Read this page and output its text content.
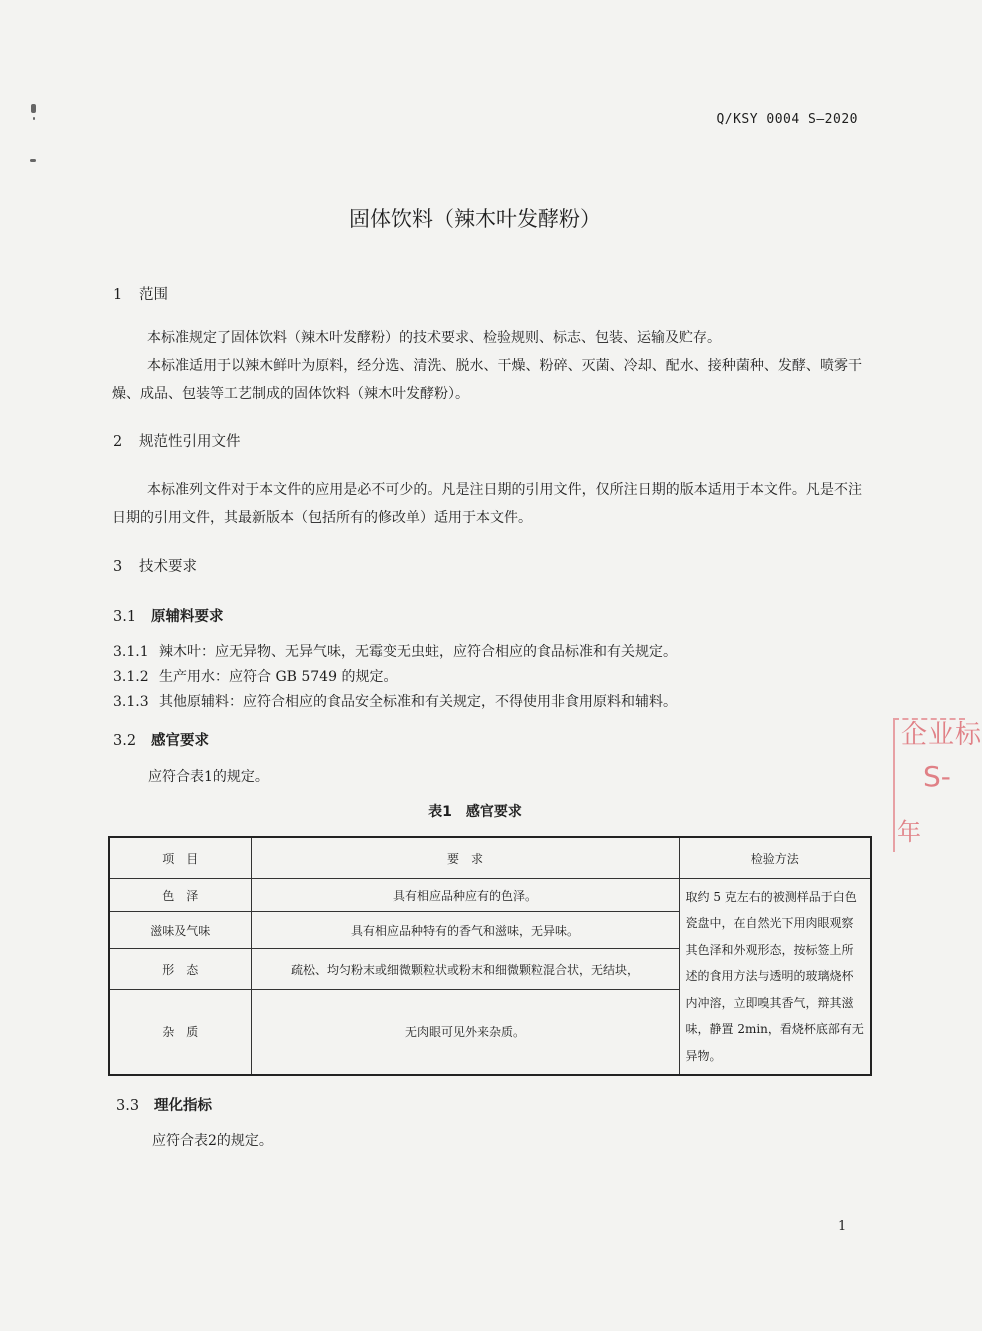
Q/KSY 0004 S—2020
固体饮料（辣木叶发酵粉）
1 范围
本标准规定了固体饮料（辣木叶发酵粉）的技术要求、检验规则、标志、包装、运输及贮存。
本标准适用于以辣木鲜叶为原料，经分选、清洗、脱水、干燥、粉碎、灭菌、冷却、配水、接种菌种、发酵、喷雾干燥、成品、包装等工艺制成的固体饮料（辣木叶发酵粉）。
2 规范性引用文件
本标准列文件对于本文件的应用是必不可少的。凡是注日期的引用文件，仅所注日期的版本适用于本文件。凡是不注日期的引用文件，其最新版本（包括所有的修改单）适用于本文件。
3 技术要求
3.1 原辅料要求
3.1.1 辣木叶：应无异物、无异气味，无霉变无虫蛀，应符合相应的食品标准和有关规定。
3.1.2 生产用水：应符合 GB 5749 的规定。
3.1.3 其他原辅料：应符合相应的食品安全标准和有关规定，不得使用非食用原料和辅料。
3.2 感官要求
应符合表1的规定。
表1　感官要求
项　目	要　求	检验方法
色　泽	具有相应品种应有的色泽。	取约 5 克左右的被测样品于白色瓷盘中，在自然光下用肉眼观察其色泽和外观形态，按标签上所述的食用方法与透明的玻璃烧杯内冲溶，立即嗅其香气，辩其滋味，静置 2min，看烧杯底部有无异物。
滋味及气味	具有相应品种特有的香气和滋味，无异味。	
形　态	疏松、均匀粉末或细微颗粒状或粉末和细微颗粒混合状，无结块，	
杂　质	无肉眼可见外来杂质。	
3.3 理化指标
应符合表2的规定。
企业标
S-
年
1
